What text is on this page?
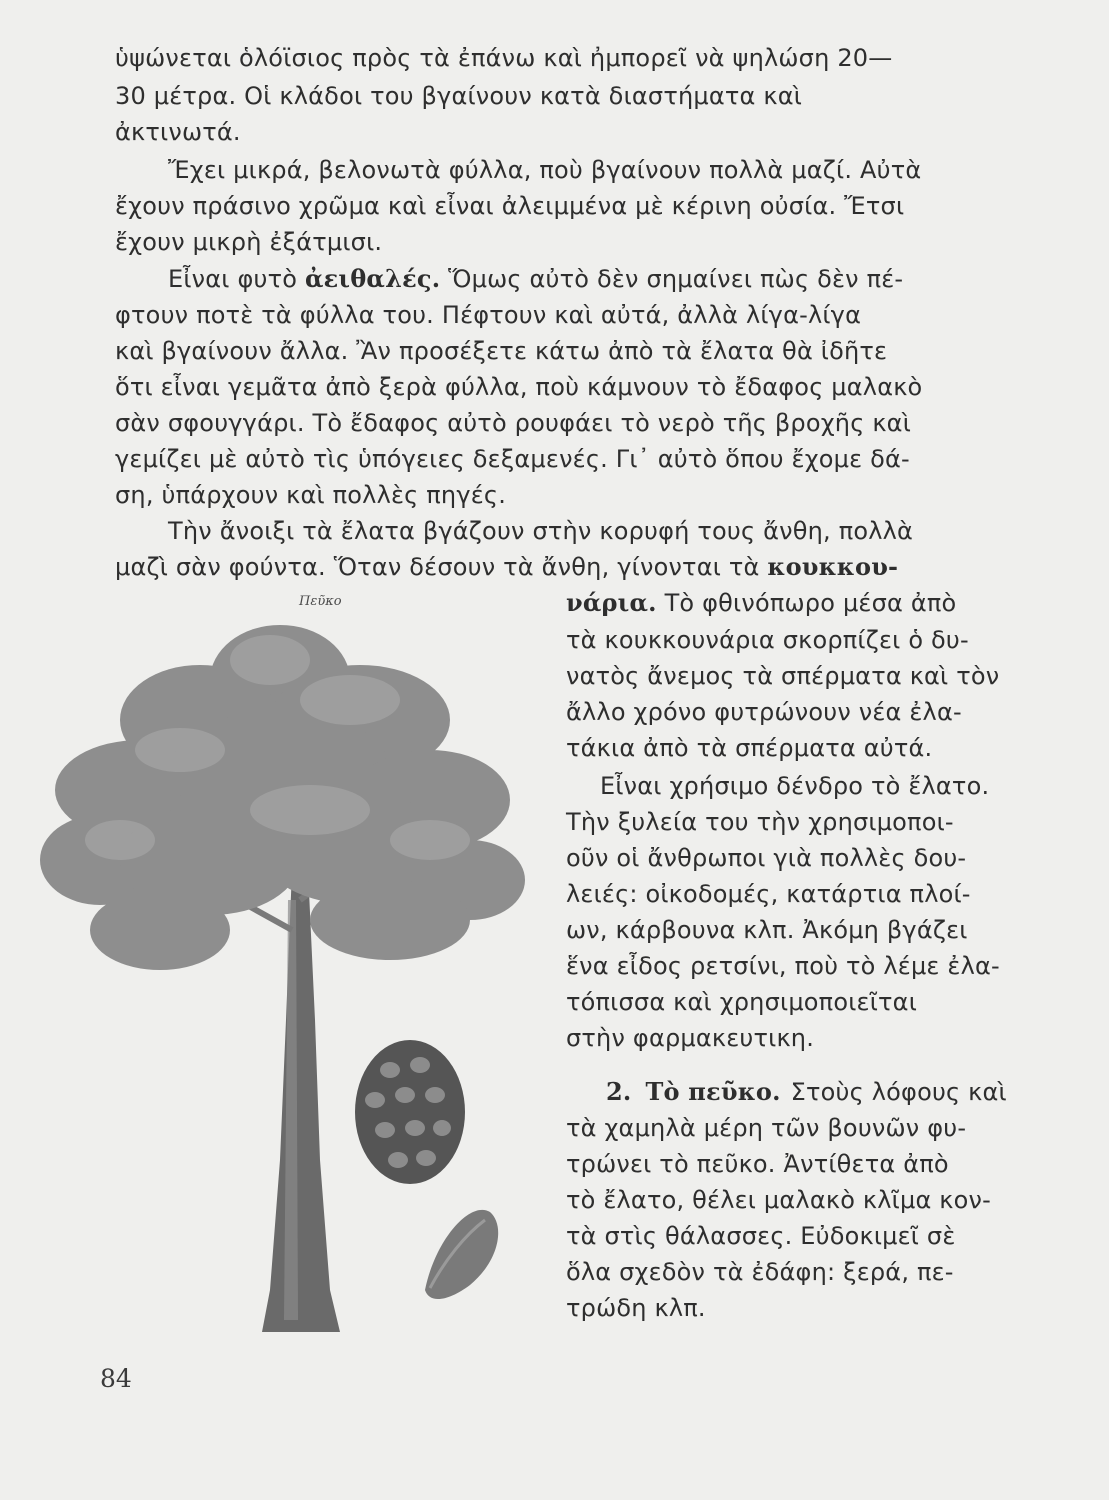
ὑψώνεται ὁλόϊσιος πρὸς τὰ ἐπάνω καὶ ἠμπορεῖ νὰ ψηλώση 20—
30 μέτρα. Οἱ κλάδοι του βγαίνουν κατὰ διαστήματα καὶ
ἀκτινωτά.
Ἔχει μικρά, βελονωτὰ φύλλα, ποὺ βγαίνουν πολλὰ μαζί. Αὐτὰ
ἔχουν πράσινο χρῶμα καὶ εἶναι ἀλειμμένα μὲ κέρινη οὐσία. Ἔτσι
ἔχουν μικρὴ ἐξάτμισι.
Εἶναι φυτὸ ἀειθαλές. Ὅμως αὐτὸ δὲν σημαίνει πὼς δὲν πέ-
φτουν ποτὲ τὰ φύλλα του. Πέφτουν καὶ αὐτά, ἀλλὰ λίγα-λίγα
καὶ βγαίνουν ἄλλα. Ἂν προσέξετε κάτω ἀπὸ τὰ ἔλατα θὰ ἰδῆτε
ὅτι εἶναι γεμᾶτα ἀπὸ ξερὰ φύλλα, ποὺ κάμνουν τὸ ἔδαφος μαλακὸ
σὰν σφουγγάρι. Τὸ ἔδαφος αὐτὸ ρουφάει τὸ νερὸ τῆς βροχῆς καὶ
γεμίζει μὲ αὐτὸ τὶς ὑπόγειες δεξαμενές. Γι᾿ αὐτὸ ὅπου ἔχομε δά-
ση, ὑπάρχουν καὶ πολλὲς πηγές.
Τὴν ἄνοιξι τὰ ἔλατα βγάζουν στὴν κορυφή τους ἄνθη, πολλὰ
μαζὶ σὰν φούντα. Ὅταν δέσουν τὰ ἄνθη, γίνονται τὰ κουκκου-
νάρια. Τὸ φθινόπωρο μέσα ἀπὸ
τὰ κουκκουνάρια σκορπίζει ὁ δυ-
νατὸς ἄνεμος τὰ σπέρματα καὶ τὸν
ἄλλο χρόνο φυτρώνουν νέα ἐλα-
τάκια ἀπὸ τὰ σπέρματα αὐτά.
Εἶναι χρήσιμο δένδρο τὸ ἔλατο.
Τὴν ξυλεία του τὴν χρησιμοποι-
οῦν οἱ ἄνθρωποι γιὰ πολλὲς δου-
λειές: οἰκοδομές, κατάρτια πλοί-
ων, κάρβουνα κλπ. Ἀκόμη βγάζει
ἕνα εἶδος ρετσίνι, ποὺ τὸ λέμε ἐλα-
τόπισσα καὶ χρησιμοποιεῖται
στὴν φαρμακευτικη.
2. Τὸ πεῦκο. Στοὺς λόφους καὶ
τὰ χαμηλὰ μέρη τῶν βουνῶν φυ-
τρώνει τὸ πεῦκο. Ἀντίθετα ἀπὸ
τὸ ἔλατο, θέλει μαλακὸ κλῖμα κον-
τὰ στὶς θάλασσες. Εὐδοκιμεῖ σὲ
ὅλα σχεδὸν τὰ ἐδάφη: ξερά, πε-
τρώδη κλπ.
Πεῦκο
84
